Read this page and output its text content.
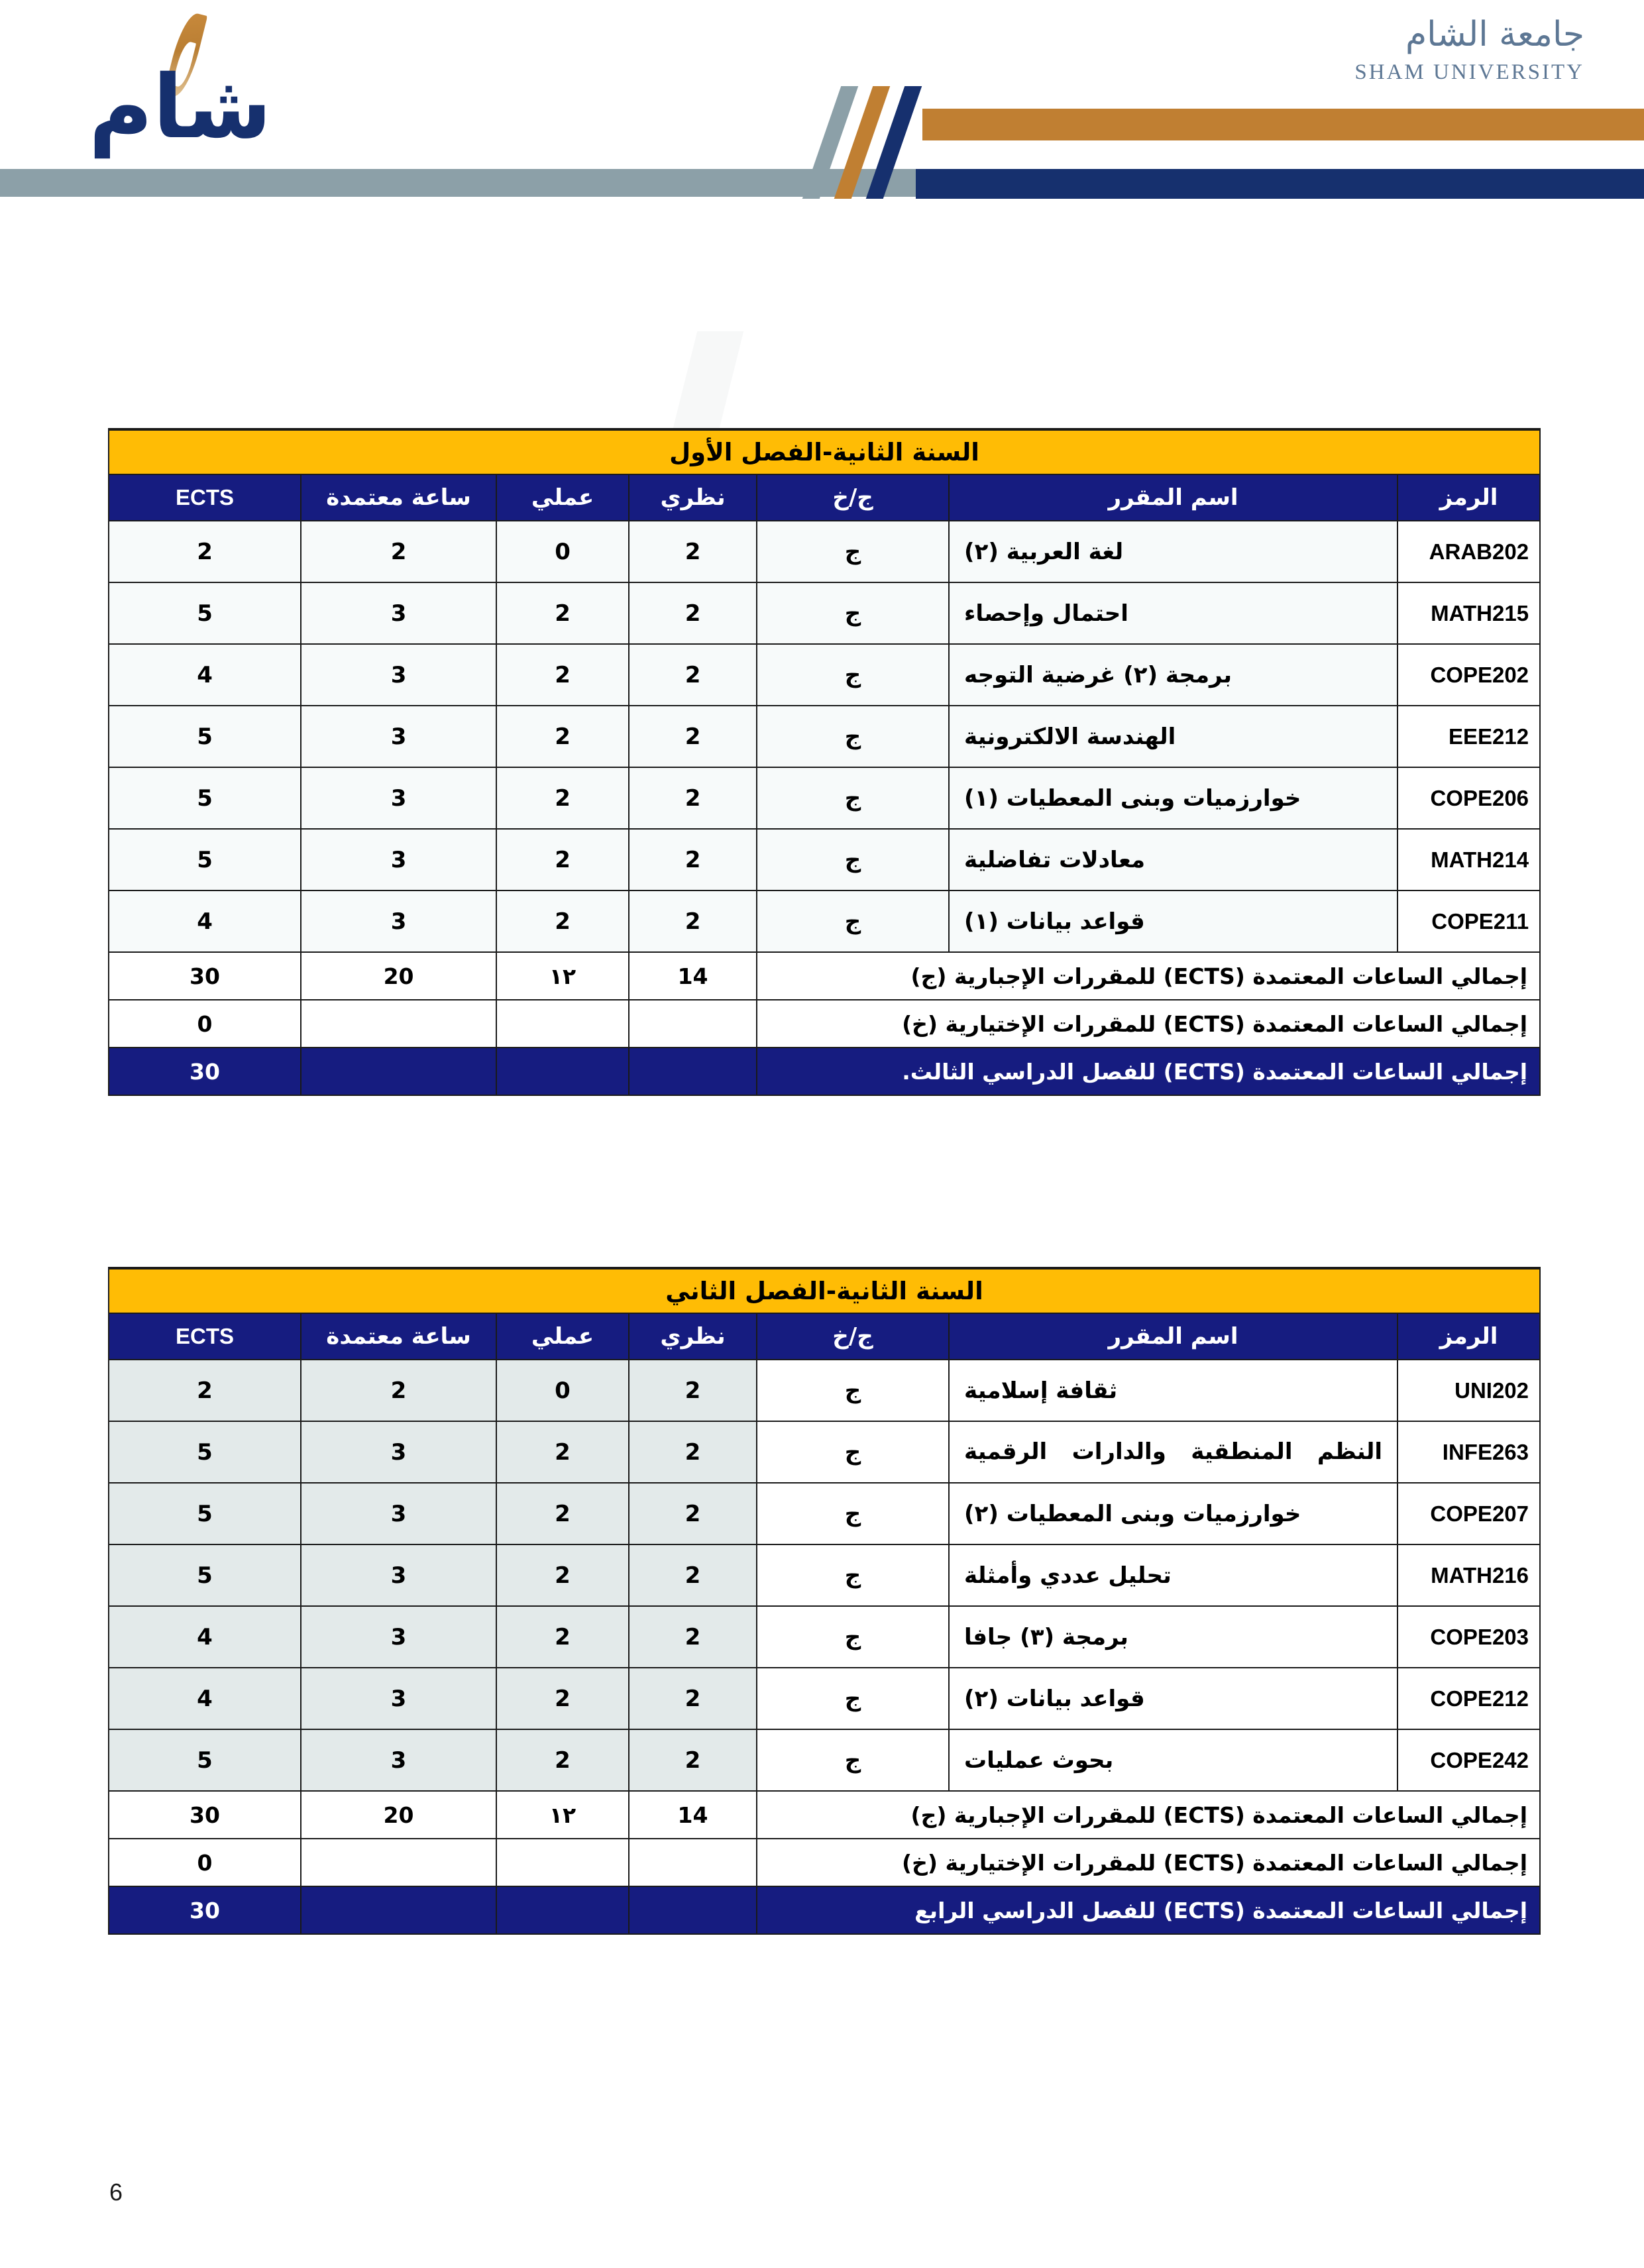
شام
جامعة الشام
SHAM UNIVERSITY
السنة الثانية-الفصل الأول						
الرمز	اسم المقرر	ج/خ	نظري	عملي	ساعة معتمدة	ECTS
ARAB202	لغة العربية (٢)	ج	2	0	2	2
MATH215	احتمال وإحصاء	ج	2	2	3	5
COPE202	برمجة (٢) غرضية التوجه	ج	2	2	3	4
EEE212	الهندسة الالكترونية	ج	2	2	3	5
COPE206	خوارزميات وبنى المعطيات (١)	ج	2	2	3	5
MATH214	معادلات تفاضلية	ج	2	2	3	5
COPE211	قواعد بيانات (١)	ج	2	2	3	4
إجمالي الساعات المعتمدة (ECTS) للمقررات الإجبارية (ج)			14	١٢	20	30
إجمالي الساعات المعتمدة (ECTS) للمقررات الإختيارية (خ)						0
إجمالي الساعات المعتمدة (ECTS) للفصل الدراسي الثالث.						30
السنة الثانية-الفصل الثاني						
الرمز	اسم المقرر	ج/خ	نظري	عملي	ساعة معتمدة	ECTS
UNI202	ثقافة إسلامية	ج	2	0	2	2
INFE263	النظم المنطقية والدارات الرقمية	ج	2	2	3	5
COPE207	خوارزميات وبنى المعطيات (٢)	ج	2	2	3	5
MATH216	تحليل عددي وأمثلة	ج	2	2	3	5
COPE203	برمجة (٣) جافا	ج	2	2	3	4
COPE212	قواعد بيانات (٢)	ج	2	2	3	4
COPE242	بحوث عمليات	ج	2	2	3	5
إجمالي الساعات المعتمدة (ECTS) للمقررات الإجبارية (ج)			14	١٢	20	30
إجمالي الساعات المعتمدة (ECTS) للمقررات الإختيارية (خ)						0
إجمالي الساعات المعتمدة (ECTS) للفصل الدراسي الرابع						30
6
